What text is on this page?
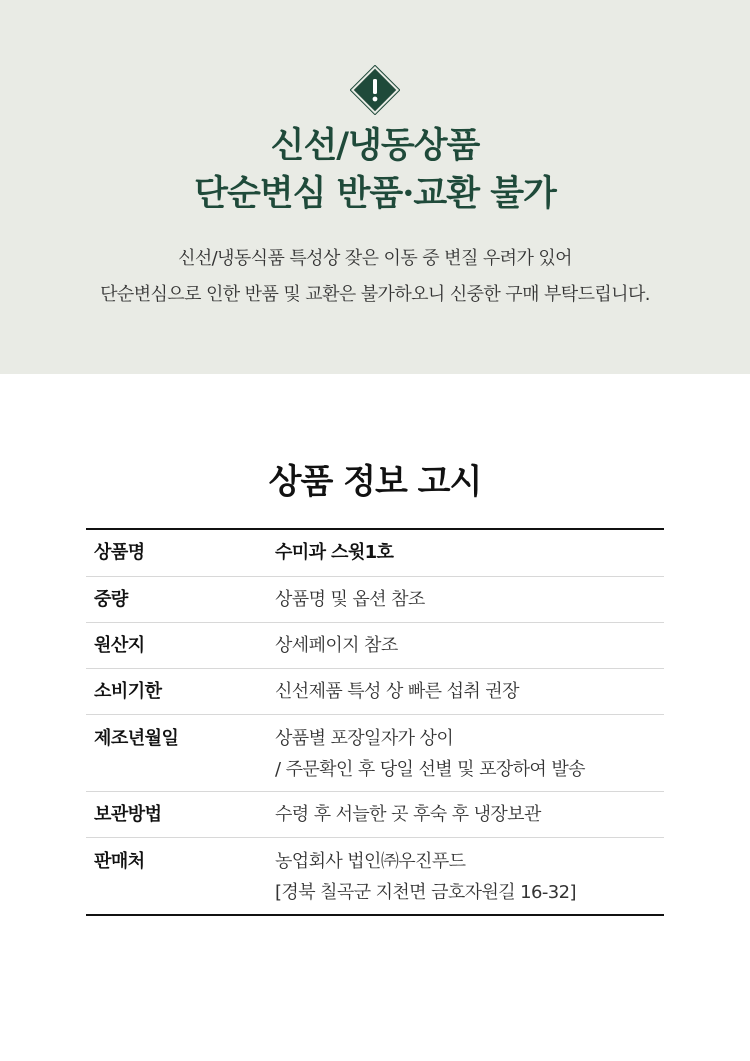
신선/냉동상품
단순변심 반품·교환 불가
신선/냉동식품 특성상 잦은 이동 중 변질 우려가 있어
단순변심으로 인한 반품 및 교환은 불가하오니 신중한 구매 부탁드립니다.
상품 정보 고시
상품명	수미과 스윗1호
중량	상품명 및 옵션 참조
원산지	상세페이지 참조
소비기한	신선제품 특성 상 빠른 섭취 권장
제조년월일	상품별 포장일자가 상이
/ 주문확인 후 당일 선별 및 포장하여 발송
보관방법	수령 후 서늘한 곳 후숙 후 냉장보관
판매처	농업회사 법인㈜우진푸드
[경북 칠곡군 지천면 금호자원길 16-32]
